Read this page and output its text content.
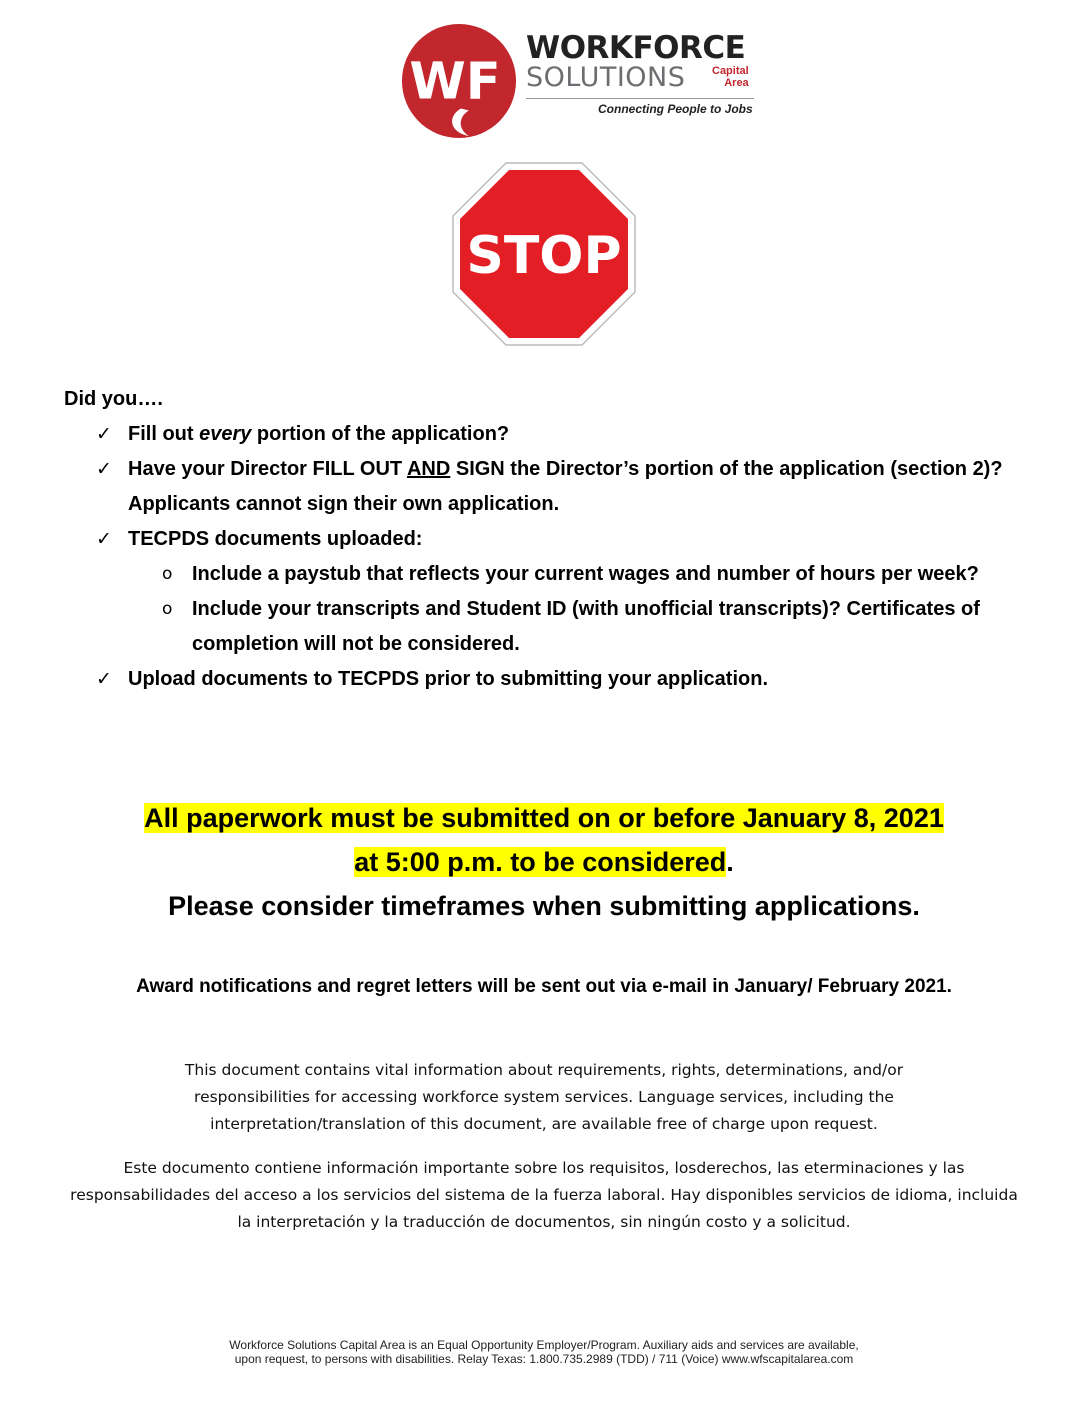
WF
WORKFORCE
SOLUTIONS Capital
Area
Connecting People to Jobs
STOP

Did you….

✓ Fill out every portion of the application?
✓ Have your Director FILL OUT AND SIGN the Director’s portion of the application (section 2)? Applicants cannot sign their own application.
✓ TECPDS documents uploaded:
o Include a paystub that reflects your current wages and number of hours per week?
o Include your transcripts and Student ID (with unofficial transcripts)? Certificates of completion will not be considered.
✓ Upload documents to TECPDS prior to submitting your application.
All paperwork must be submitted on or before January 8, 2021
at 5:00 p.m. to be considered.
Please consider timeframes when submitting applications.
Award notifications and regret letters will be sent out via e-mail in January/ February 2021.
This document contains vital information about requirements, rights, determinations, and/or
responsibilities for accessing workforce system services. Language services, including the
interpretation/translation of this document, are available free of charge upon request.
Este documento contiene información importante sobre los requisitos, losderechos, las eterminaciones y las
responsabilidades del acceso a los servicios del sistema de la fuerza laboral. Hay disponibles servicios de idioma, incluida
la interpretación y la traducción de documentos, sin ningún costo y a solicitud.
Workforce Solutions Capital Area is an Equal Opportunity Employer/Program. Auxiliary aids and services are available,
upon request, to persons with disabilities. Relay Texas: 1.800.735.2989 (TDD) / 711 (Voice) www.wfscapitalarea.com
